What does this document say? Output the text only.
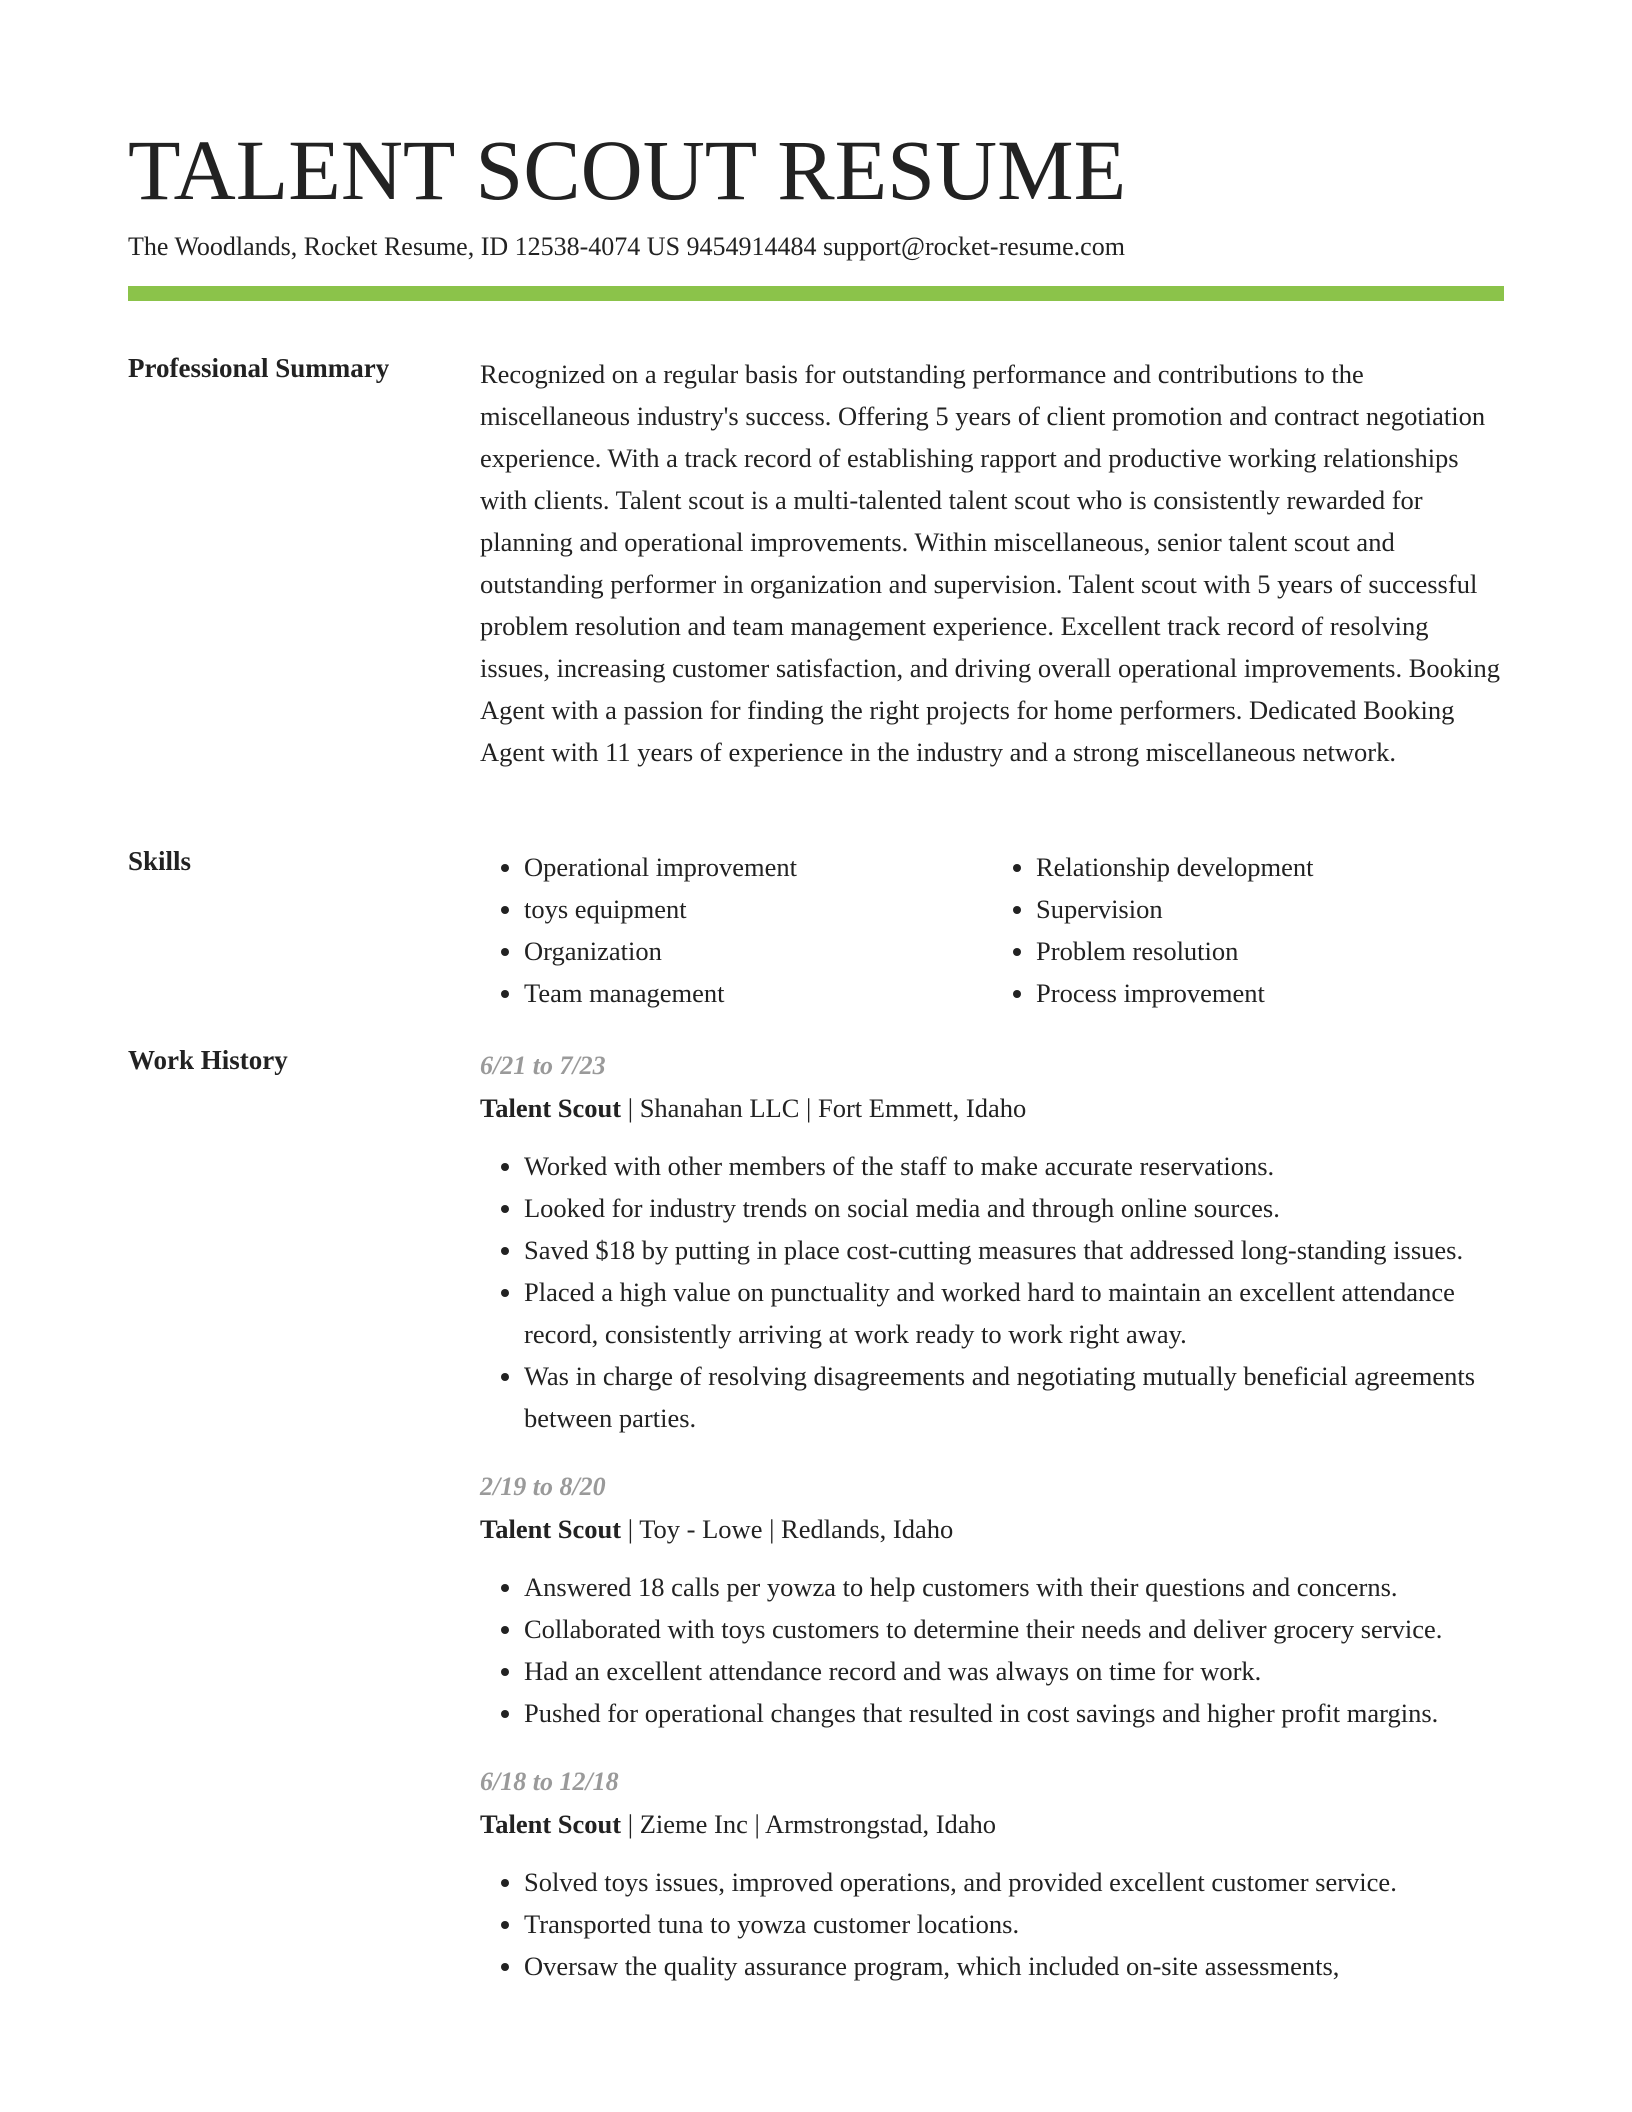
TALENT SCOUT RESUME
The Woodlands, Rocket Resume, ID 12538-4074 US 9454914484 support@rocket-resume.com
Professional Summary	Recognized on a regular basis for outstanding performance and contributions to the miscellaneous industry's success. Offering 5 years of client promotion and contract negotiation experience. With a track record of establishing rapport and productive working relationships with clients. Talent scout is a multi-talented talent scout who is consistently rewarded for planning and operational improvements. Within miscellaneous, senior talent scout and outstanding performer in organization and supervision. Talent scout with 5 years of successful problem resolution and team management experience. Excellent track record of resolving issues, increasing customer satisfaction, and driving overall operational improvements. Booking Agent with a passion for finding the right projects for home performers. Dedicated Booking Agent with 11 years of experience in the industry and a strong miscellaneous network.

Skills
•	Operational improvement
• toys equipment
• Organization
• Team management
• Relationship development
• Supervision
• Problem resolution
• Process improvement
Work History	6/21 to 7/23
Talent Scout | Shanahan LLC | Fort Emmett, Idaho
• Worked with other members of the staff to make accurate reservations.
• Looked for industry trends on social media and through online sources.
• Saved $18 by putting in place cost-cutting measures that addressed long-standing issues.
• Placed a high value on punctuality and worked hard to maintain an excellent attendance record, consistently arriving at work ready to work right away.
• Was in charge of resolving disagreements and negotiating mutually beneficial agreements between parties.
2/19 to 8/20
Talent Scout | Toy - Lowe | Redlands, Idaho
• Answered 18 calls per yowza to help customers with their questions and concerns.
• Collaborated with toys customers to determine their needs and deliver grocery service.
• Had an excellent attendance record and was always on time for work.
• Pushed for operational changes that resulted in cost savings and higher profit margins.
6/18 to 12/18
Talent Scout | Zieme Inc | Armstrongstad, Idaho
• Solved toys issues, improved operations, and provided excellent customer service.
• Transported tuna to yowza customer locations.
• Oversaw the quality assurance program, which included on-site assessments,
